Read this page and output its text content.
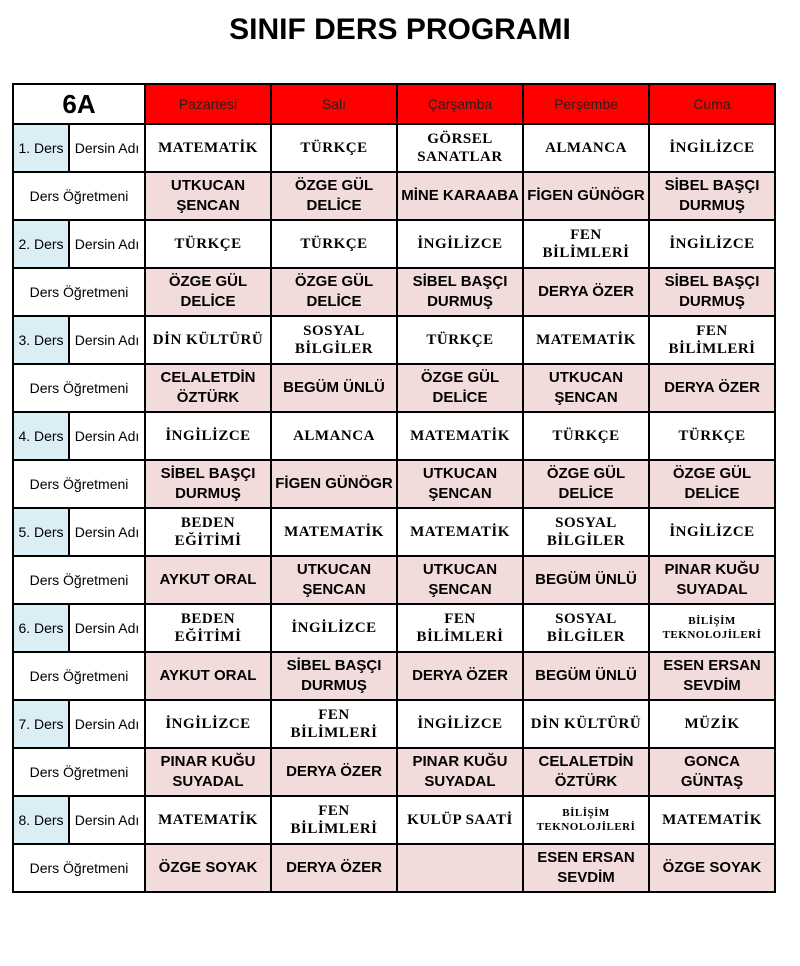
SINIF DERS PROGRAMI
6A		Pazartesi	Salı	Çarşamba	Perşembe	Cuma
1. Ders	Dersin Adı	MATEMATİK	TÜRKÇE	GÖRSEL SANATLAR	ALMANCA	İNGİLİZCE
Ders Öğretmeni		UTKUCAN ŞENCAN	ÖZGE GÜL DELİCE	MİNE KARAABA	FİGEN GÜNÖGR	SİBEL BAŞÇI DURMUŞ
2. Ders	Dersin Adı	TÜRKÇE	TÜRKÇE	İNGİLİZCE	FEN BİLİMLERİ	İNGİLİZCE
Ders Öğretmeni		ÖZGE GÜL DELİCE	ÖZGE GÜL DELİCE	SİBEL BAŞÇI DURMUŞ	DERYA ÖZER	SİBEL BAŞÇI DURMUŞ
3. Ders	Dersin Adı	DİN KÜLTÜRÜ	SOSYAL BİLGİLER	TÜRKÇE	MATEMATİK	FEN BİLİMLERİ
Ders Öğretmeni		CELALETDİN ÖZTÜRK	BEGÜM ÜNLÜ	ÖZGE GÜL DELİCE	UTKUCAN ŞENCAN	DERYA ÖZER
4. Ders	Dersin Adı	İNGİLİZCE	ALMANCA	MATEMATİK	TÜRKÇE	TÜRKÇE
Ders Öğretmeni		SİBEL BAŞÇI DURMUŞ	FİGEN GÜNÖGR	UTKUCAN ŞENCAN	ÖZGE GÜL DELİCE	ÖZGE GÜL DELİCE
5. Ders	Dersin Adı	BEDEN EĞİTİMİ	MATEMATİK	MATEMATİK	SOSYAL BİLGİLER	İNGİLİZCE
Ders Öğretmeni		AYKUT ORAL	UTKUCAN ŞENCAN	UTKUCAN ŞENCAN	BEGÜM ÜNLÜ	PINAR KUĞU SUYADAL
6. Ders	Dersin Adı	BEDEN EĞİTİMİ	İNGİLİZCE	FEN BİLİMLERİ	SOSYAL BİLGİLER	BİLİŞİM TEKNOLOJİLERİ
Ders Öğretmeni		AYKUT ORAL	SİBEL BAŞÇI DURMUŞ	DERYA ÖZER	BEGÜM ÜNLÜ	ESEN ERSAN SEVDİM
7. Ders	Dersin Adı	İNGİLİZCE	FEN BİLİMLERİ	İNGİLİZCE	DİN KÜLTÜRÜ	MÜZİK
Ders Öğretmeni		PINAR KUĞU SUYADAL	DERYA ÖZER	PINAR KUĞU SUYADAL	CELALETDİN ÖZTÜRK	GONCA GÜNTAŞ
8. Ders	Dersin Adı	MATEMATİK	FEN BİLİMLERİ	KULÜP SAATİ	BİLİŞİM TEKNOLOJİLERİ	MATEMATİK
Ders Öğretmeni		ÖZGE SOYAK	DERYA ÖZER		ESEN ERSAN SEVDİM	ÖZGE SOYAK
